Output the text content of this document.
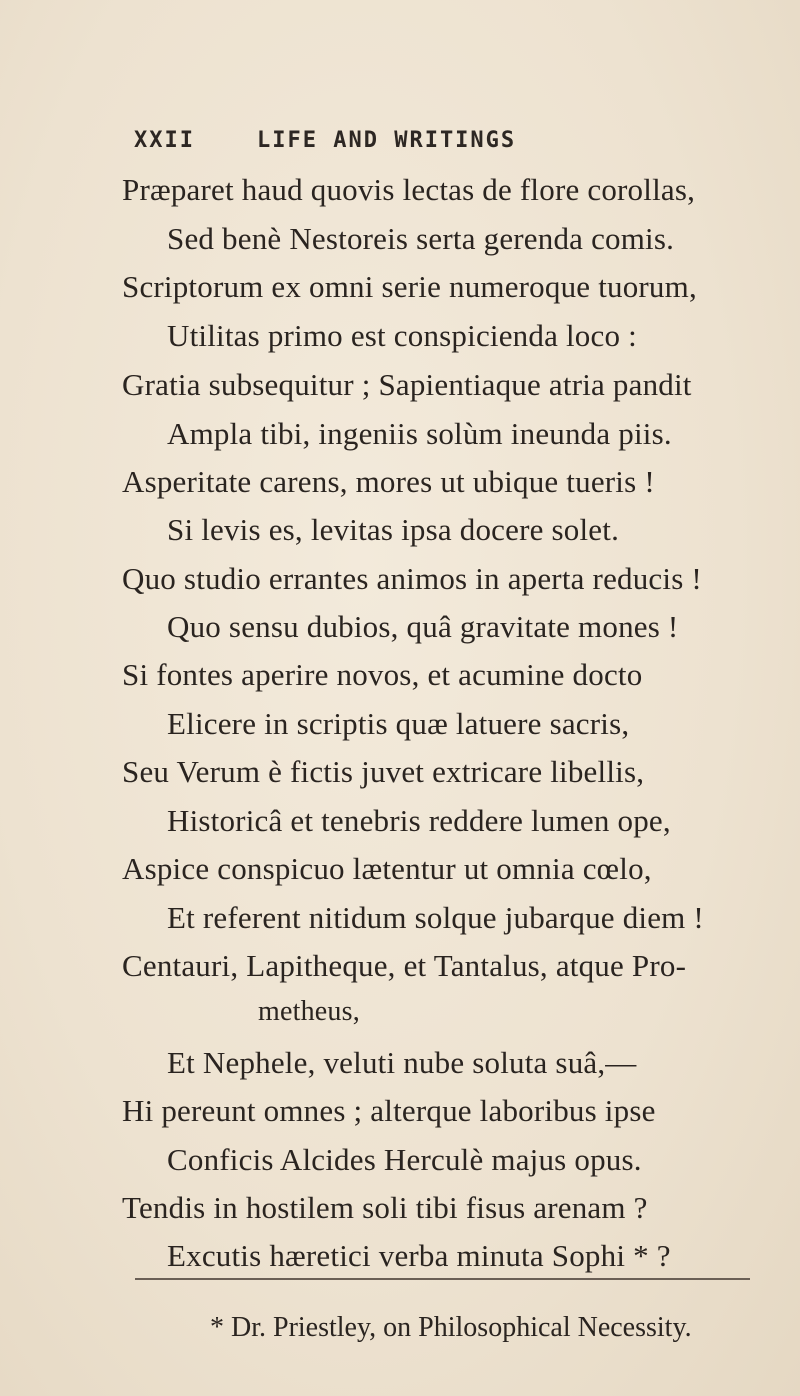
XXII	LIFE AND WRITINGS
Præparet haud quovis lectas de flore corollas,
Sed benè Nestoreis serta gerenda comis.
Scriptorum ex omni serie numeroque tuorum,
Utilitas primo est conspicienda loco :
Gratia subsequitur ; Sapientiaque atria pandit
Ampla tibi, ingeniis solùm ineunda piis.
Asperitate carens, mores ut ubique tueris !
Si levis es, levitas ipsa docere solet.
Quo studio errantes animos in aperta reducis !
Quo sensu dubios, quâ gravitate mones !
Si fontes aperire novos, et acumine docto
Elicere in scriptis quæ latuere sacris,
Seu Verum è fictis juvet extricare libellis,
Historicâ et tenebris reddere lumen ope,
Aspice conspicuo lætentur ut omnia cœlo,
Et referent nitidum solque jubarque diem !
Centauri, Lapitheque, et Tantalus, atque Pro-
metheus,
Et Nephele, veluti nube soluta suâ,—
Hi pereunt omnes ; alterque laboribus ipse
Conficis Alcides Herculè majus opus.
Tendis in hostilem soli tibi fisus arenam ?
Excutis hæretici verba minuta Sophi * ?
* Dr. Priestley, on Philosophical Necessity.
